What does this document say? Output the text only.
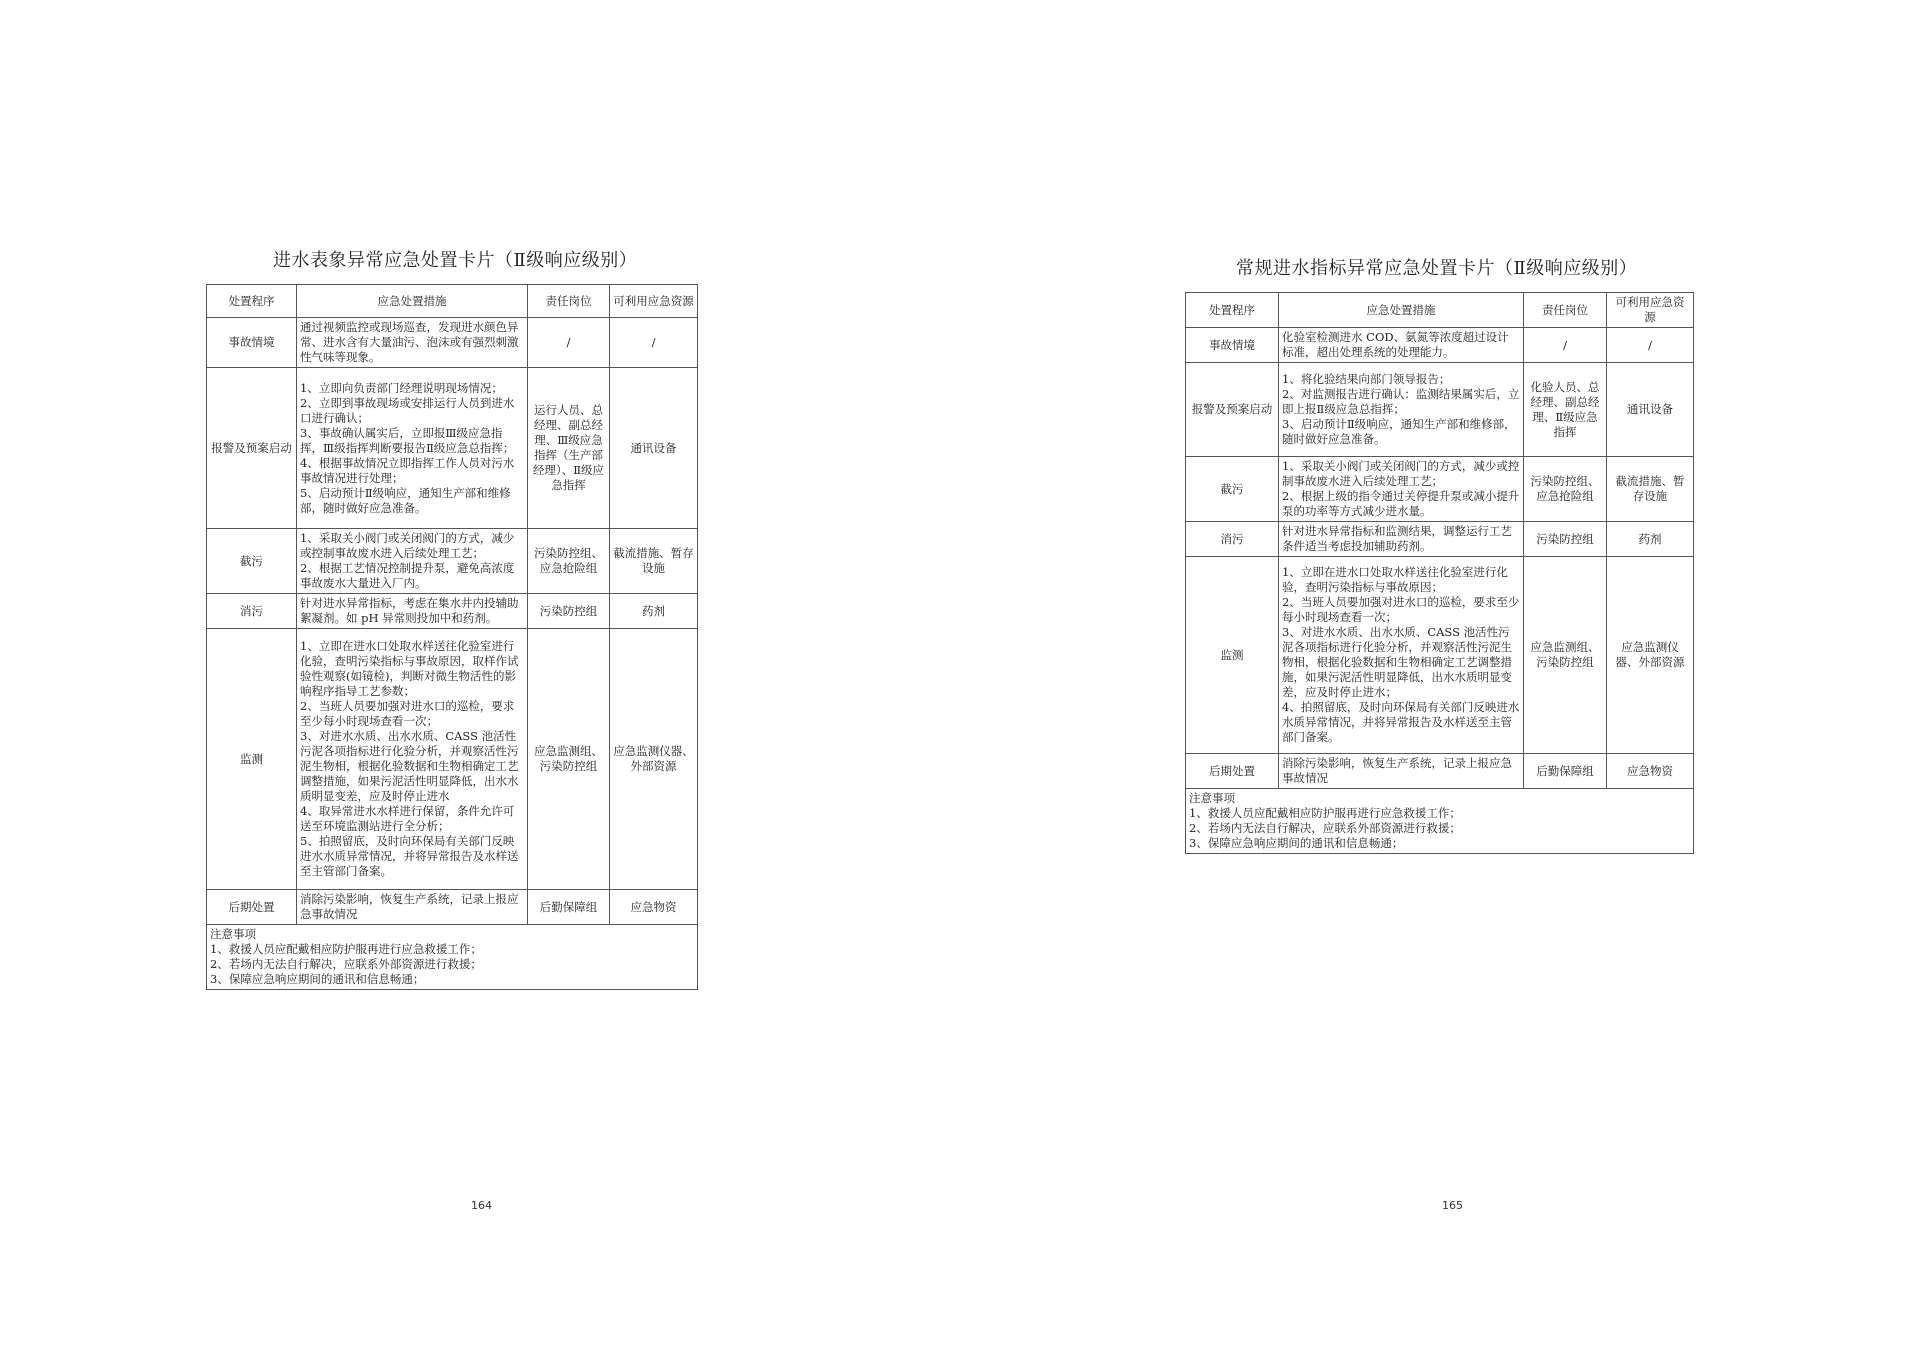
进水表象异常应急处置卡片（Ⅱ级响应级别）
处置程序	应急处置措施	责任岗位	可利用应急资源
事故情境	通过视频监控或现场巡查，发现进水颜色异常、进水含有大量油污、泡沫或有强烈刺激性气味等现象。	/	/
报警及预案启动	1、立即向负责部门经理说明现场情况；
2、立即到事故现场或安排运行人员到进水口进行确认；
3、事故确认属实后，立即报Ⅲ级应急指挥，Ⅲ级指挥判断要报告Ⅱ级应急总指挥；
4、根据事故情况立即指挥工作人员对污水事故情况进行处理；
5、启动预计Ⅱ级响应，通知生产部和维修部，随时做好应急准备。	运行人员、总经理、副总经理、Ⅲ级应急指挥（生产部经理）、Ⅱ级应急指挥	通讯设备
截污	1、采取关小阀门或关闭阀门的方式，减少或控制事故废水进入后续处理工艺；
2、根据工艺情况控制提升泵，避免高浓度事故废水大量进入厂内。	污染防控组、应急抢险组	截流措施、暂存设施
消污	针对进水异常指标，考虑在集水井内投辅助絮凝剂。如 pH 异常则投加中和药剂。	污染防控组	药剂
监测	1、立即在进水口处取水样送往化验室进行化验，查明污染指标与事故原因，取样作试验性观察(如镜检)，判断对微生物活性的影响程序指导工艺参数；
2、当班人员要加强对进水口的巡检，要求至少每小时现场查看一次；
3、对进水水质、出水水质、CASS 池活性污泥各项指标进行化验分析，并观察活性污泥生物相，根据化验数据和生物相确定工艺调整措施，如果污泥活性明显降低，出水水质明显变差，应及时停止进水
4、取异常进水水样进行保留，条件允许可送至环境监测站进行全分析；
5、拍照留底，及时向环保局有关部门反映进水水质异常情况，并将异常报告及水样送至主管部门备案。	应急监测组、污染防控组	应急监测仪器、外部资源
后期处置	消除污染影响，恢复生产系统，记录上报应急事故情况	后勤保障组	应急物资
注意事项
1、救援人员应配戴相应防护服再进行应急救援工作；
2、若场内无法自行解决，应联系外部资源进行救援；
3、保障应急响应期间的通讯和信息畅通；			
164
常规进水指标异常应急处置卡片（Ⅱ级响应级别）
处置程序	应急处置措施	责任岗位	可利用应急资源
事故情境	化验室检测进水 COD、氨氮等浓度超过设计标准，超出处理系统的处理能力。	/	/
报警及预案启动	1、将化验结果向部门领导报告；
2、对监测报告进行确认：监测结果属实后，立即上报Ⅱ级应急总指挥；
3、启动预计Ⅱ级响应，通知生产部和维修部，随时做好应急准备。	化验人员、总经理、副总经理、Ⅱ级应急指挥	通讯设备
截污	1、采取关小阀门或关闭阀门的方式，减少或控制事故废水进入后续处理工艺；
2、根据上级的指令通过关停提升泵或减小提升泵的功率等方式减少进水量。	污染防控组、应急抢险组	截流措施、暂存设施
消污	针对进水异常指标和监测结果，调整运行工艺条件适当考虑投加辅助药剂。	污染防控组	药剂
监测	1、立即在进水口处取水样送往化验室进行化验，查明污染指标与事故原因；
2、当班人员要加强对进水口的巡检，要求至少每小时现场查看一次；
3、对进水水质、出水水质、CASS 池活性污泥各项指标进行化验分析，并观察活性污泥生物相，根据化验数据和生物相确定工艺调整措施，如果污泥活性明显降低，出水水质明显变差，应及时停止进水；
4、拍照留底，及时向环保局有关部门反映进水水质异常情况，并将异常报告及水样送至主管部门备案。	应急监测组、污染防控组	应急监测仪器、外部资源
后期处置	消除污染影响，恢复生产系统，记录上报应急事故情况	后勤保障组	应急物资
注意事项
1、救援人员应配戴相应防护服再进行应急救援工作；
2、若场内无法自行解决，应联系外部资源进行救援；
3、保障应急响应期间的通讯和信息畅通；			
165
